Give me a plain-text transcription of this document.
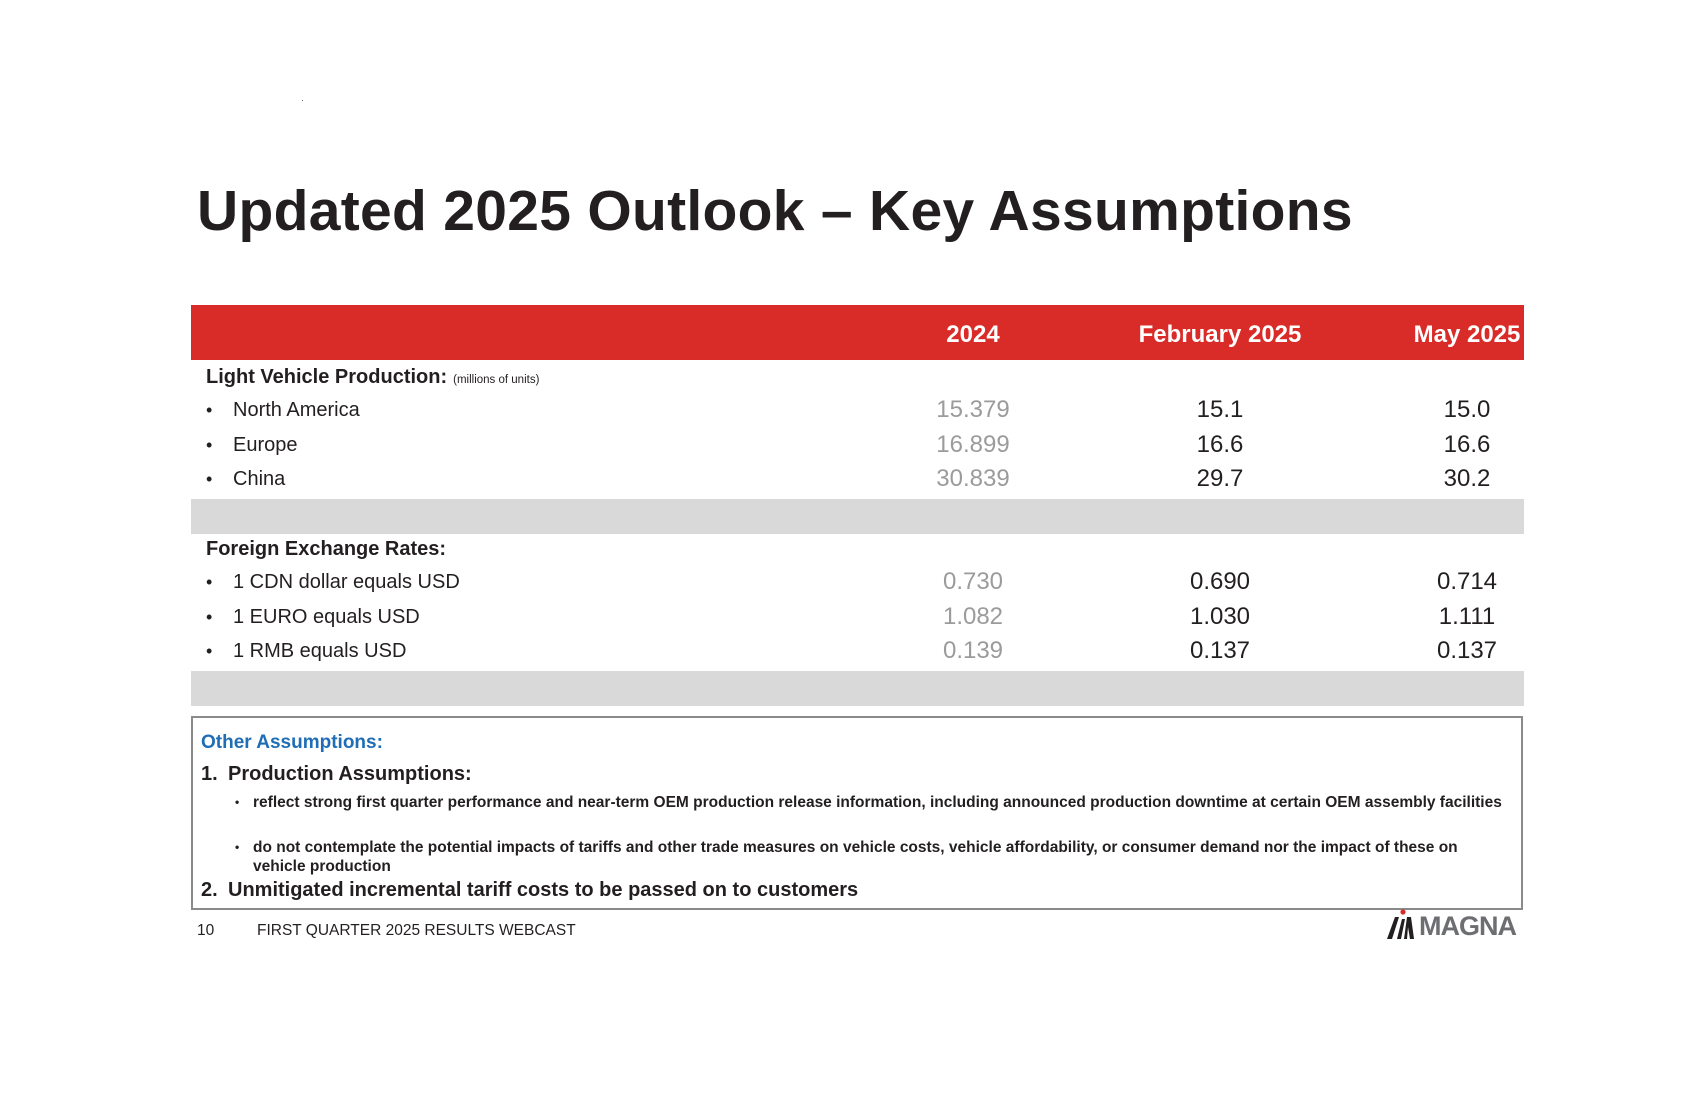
Updated 2025 Outlook – Key Assumptions
2024	February 2025	May 2025
Light Vehicle Production: (millions of units)
• North America	15.379	15.1	15.0
• Europe	16.899	16.6	16.6
• China	30.839	29.7	30.2
Foreign Exchange Rates:
• 1 CDN dollar equals USD	0.730	0.690	0.714
• 1 EURO equals USD	1.082	1.030	1.111
• 1 RMB equals USD	0.139	0.137	0.137
Other Assumptions:
1. Production Assumptions:
• reflect strong first quarter performance and near-term OEM production release information, including announced production downtime at certain OEM assembly facilities
• do not contemplate the potential impacts of tariffs and other trade measures on vehicle costs, vehicle affordability, or consumer demand nor the impact of these on vehicle production
2. Unmitigated incremental tariff costs to be passed on to customers
10	FIRST QUARTER 2025 RESULTS WEBCAST	MAGNA
